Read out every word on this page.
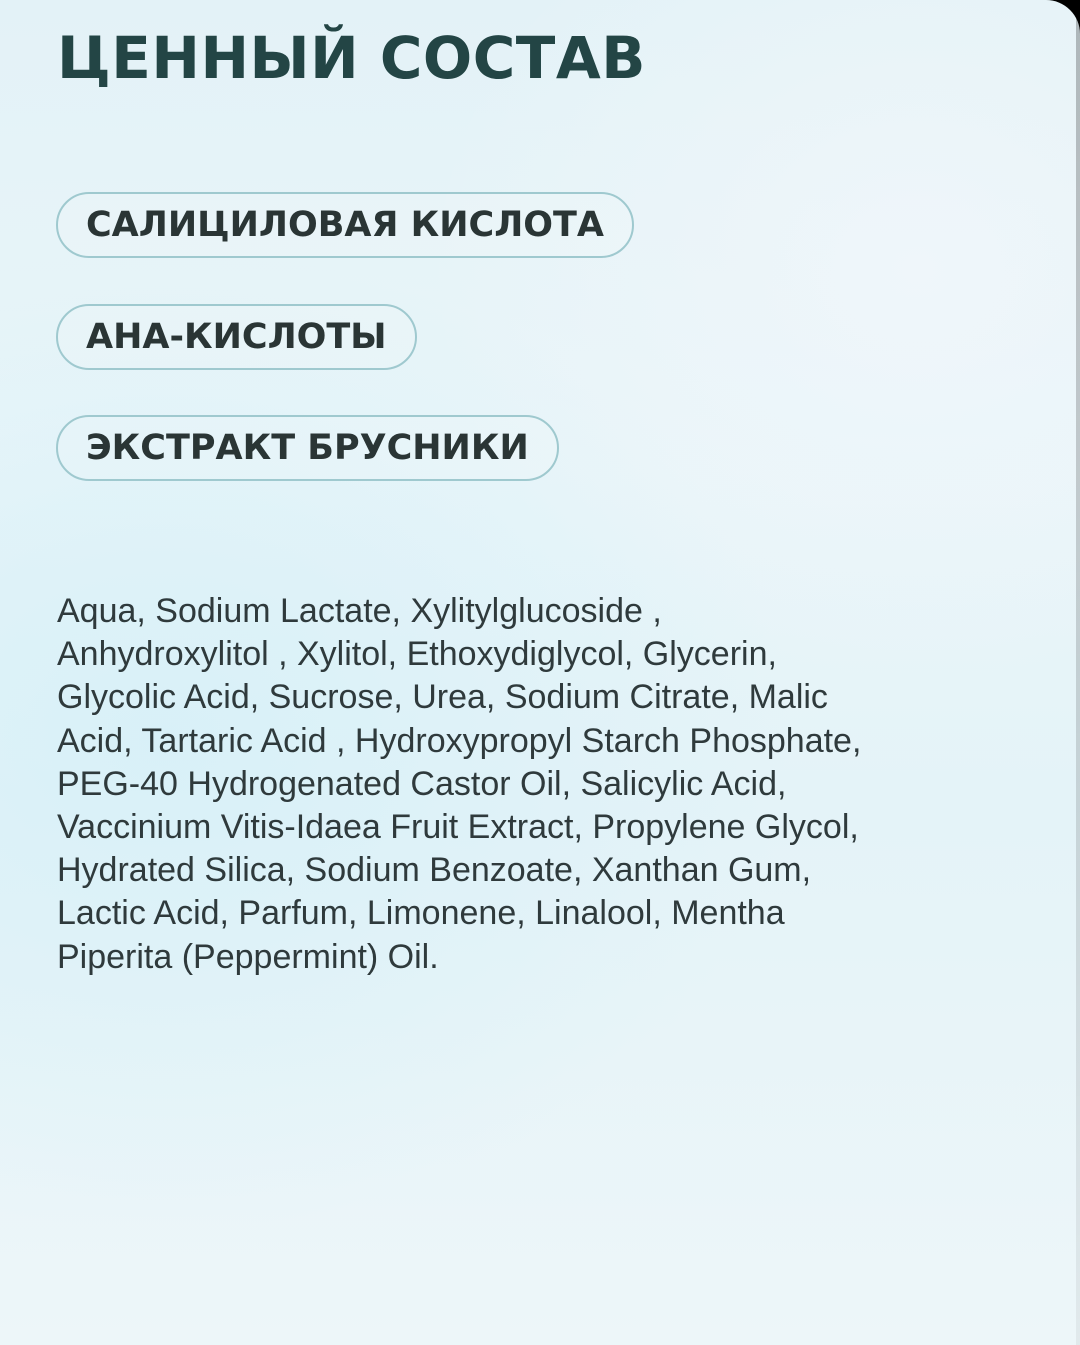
ЦЕННЫЙ СОСТАВ
САЛИЦИЛОВАЯ КИСЛОТА
АНА-КИСЛОТЫ
ЭКСТРАКТ БРУСНИКИ

Aqua, Sodium Lactate, Xylitylglucoside ,
Anhydroxylitol , Xylitol, Ethoxydiglycol, Glycerin,
Glycolic Acid, Sucrose, Urea, Sodium Citrate, Malic
Acid, Tartaric Acid , Hydroxypropyl Starch Phosphate,
PEG-40 Hydrogenated Castor Oil, Salicylic Acid,
Vaccinium Vitis-Idaea Fruit Extract, Propylene Glycol,
Hydrated Silica, Sodium Benzoate, Xanthan Gum,
Lactic Acid, Parfum, Limonene, Linalool, Mentha
Piperita (Peppermint) Oil.
